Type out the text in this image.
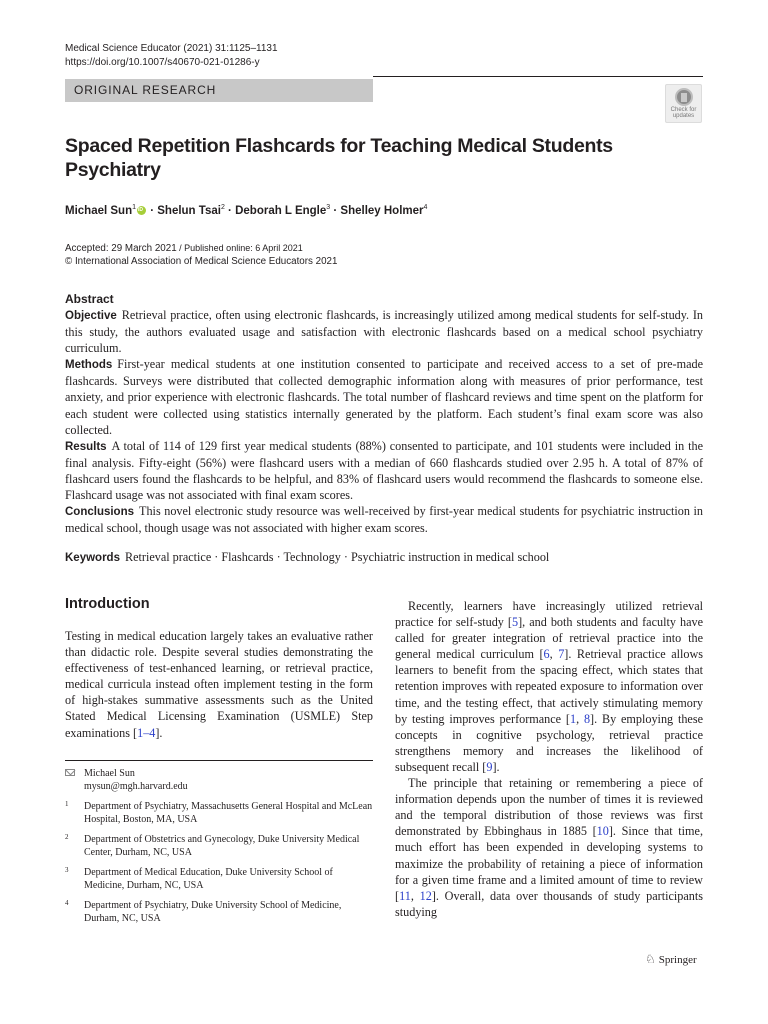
Medical Science Educator (2021) 31:1125–1131
https://doi.org/10.1007/s40670-021-01286-y
ORIGINAL RESEARCH
Check for
updates
Spaced Repetition Flashcards for Teaching Medical Students Psychiatry
Michael Sun$^1$iD · Shelun Tsai$^2$ · Deborah L Engle$^3$ · Shelley Holmer$^4$
Accepted: 29 March 2021 / Published online: 6 April 2021
© International Association of Medical Science Educators 2021
Abstract

Objective Retrieval practice, often using electronic flashcards, is increasingly utilized among medical students for self-study. In this study, the authors evaluated usage and satisfaction with electronic flashcards based on a medical school psychiatry curriculum.

Methods First-year medical students at one institution consented to participate and received access to a set of pre-made flashcards. Surveys were distributed that collected demographic information along with measures of prior performance, test anxiety, and prior experience with electronic flashcards. The total number of flashcard reviews and time spent on the platform for each student were collected using statistics internally generated by the platform. Each student’s final exam score was also collected.

Results A total of 114 of 129 first year medical students (88%) consented to participate, and 101 students were included in the final analysis. Fifty-eight (56%) were flashcard users with a median of 660 flashcards studied over 2.95 h. A total of 87% of flashcard users found the flashcards to be helpful, and 83% of flashcard users would recommend the flashcards to someone else. Flashcard usage was not associated with final exam scores.

Conclusions This novel electronic study resource was well-received by first-year medical students for psychiatric instruction in medical school, though usage was not associated with higher exam scores.

Keywords Retrieval practice · Flashcards · Technology · Psychiatric instruction in medical school
Introduction

Testing in medical education largely takes an evaluative rather than didactic role. Despite several studies demonstrating the effectiveness of test-enhanced learning, or retrieval practice, medical curricula instead often implement testing in the form of high-stakes summative assessments such as the United Stated Medical Licensing Examination (USMLE) Step examinations [1–4].

Michael Sun
mysun@mgh.harvard.edu
1 Department of Psychiatry, Massachusetts General Hospital and McLean Hospital, Boston, MA, USA
2 Department of Obstetrics and Gynecology, Duke University Medical Center, Durham, NC, USA
3 Department of Medical Education, Duke University School of Medicine, Durham, NC, USA
4 Department of Psychiatry, Duke University School of Medicine, Durham, NC, USA

Recently, learners have increasingly utilized retrieval practice for self-study [5], and both students and faculty have called for greater integration of retrieval practice into the general medical curriculum [6, 7]. Retrieval practice allows learners to benefit from the spacing effect, which states that retention improves with repeated exposure to information over time, and the testing effect, that actively stimulating memory by testing improves performance [1, 8]. By employing these concepts in cognitive psychology, retrieval practice strengthens memory and increases the likelihood of subsequent recall [9].

The principle that retaining or remembering a piece of information depends upon the number of times it is reviewed and the temporal distribution of those reviews was first demonstrated by Ebbinghaus in 1885 [10]. Since that time, much effort has been expended in developing systems to maximize the probability of retaining a piece of information for a given time frame and a limited amount of time to review [11, 12]. Overall, data over thousands of study participants studying

♘ Springer
